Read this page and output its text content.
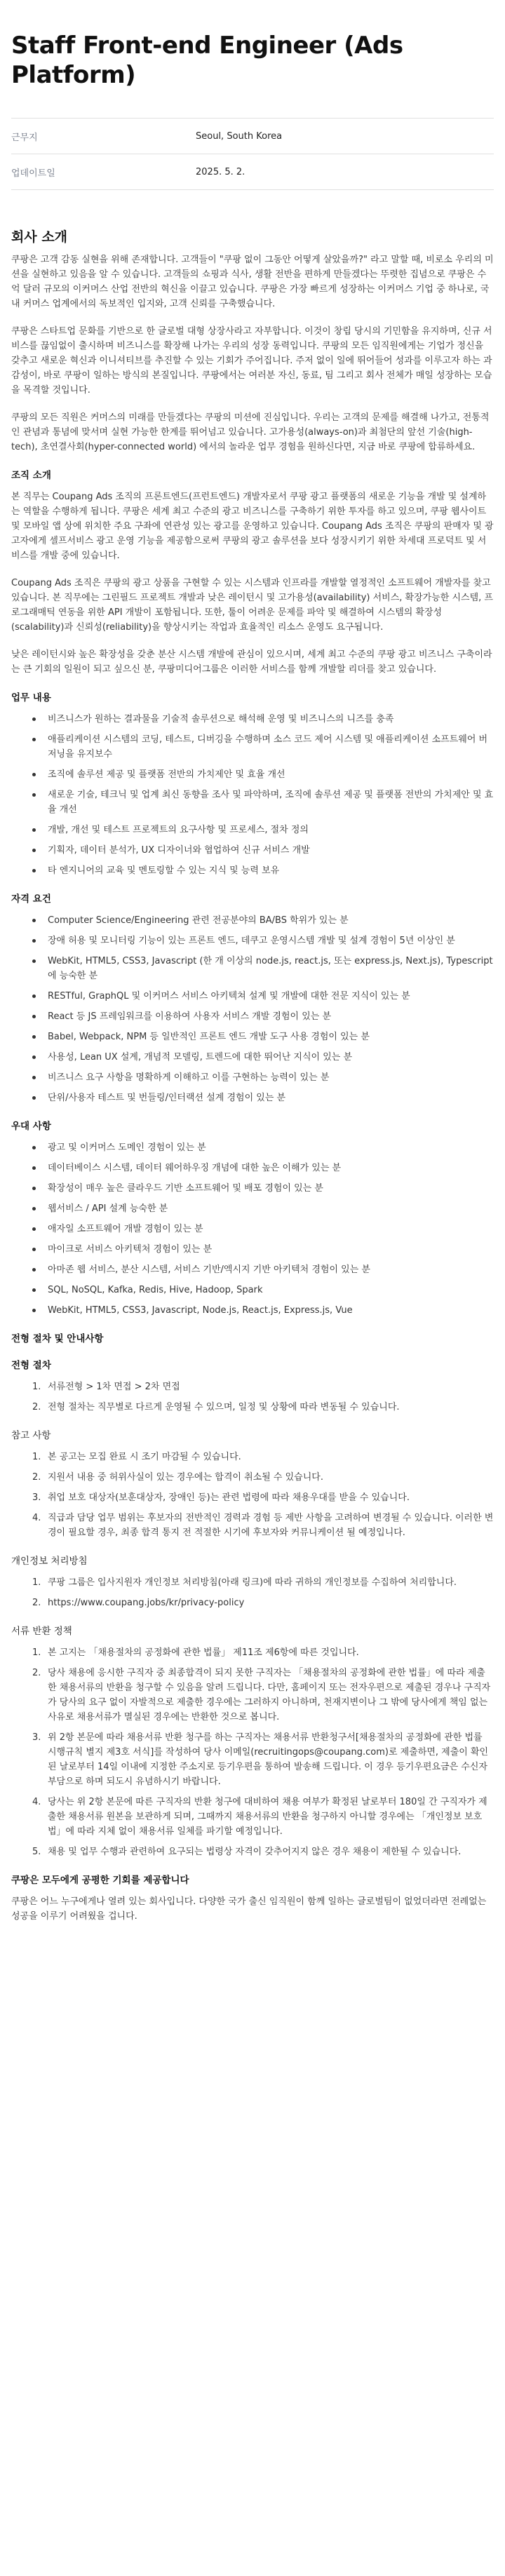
Staff Front-end Engineer (Ads Platform)
근무지	Seoul, South Korea
업데이트일	2025. 5. 2.
회사 소개

쿠팡은 고객 감동 실현을 위해 존재합니다. 고객들이 "쿠팡 없이 그동안 어떻게 살았을까?" 라고 말할 때, 비로소 우리의 미션을 실현하고 있음을 알 수 있습니다. 고객들의 쇼핑과 식사, 생활 전반을 편하게 만들겠다는 뚜렷한 집념으로 쿠팡은 수억 달러 규모의 이커머스 산업 전반의 혁신을 이끌고 있습니다. 쿠팡은 가장 빠르게 성장하는 이커머스 기업 중 하나로, 국내 커머스 업계에서의 독보적인 입지와, 고객 신뢰를 구축했습니다.

쿠팡은 스타트업 문화를 기반으로 한 글로벌 대형 상장사라고 자부합니다. 이것이 창립 당시의 기민함을 유지하며, 신규 서비스를 끊임없이 출시하며 비즈니스를 확장해 나가는 우리의 성장 동력입니다. 쿠팡의 모든 임직원에게는 기업가 정신을 갖추고 새로운 혁신과 이니셔티브를 추진할 수 있는 기회가 주어집니다. 주저 없이 일에 뛰어들어 성과를 이루고자 하는 과감성이, 바로 쿠팡이 일하는 방식의 본질입니다. 쿠팡에서는 여러분 자신, 동료, 팀 그리고 회사 전체가 매일 성장하는 모습을 목격할 것입니다.

쿠팡의 모든 직원은 커머스의 미래를 만들겠다는 쿠팡의 미션에 진심입니다. 우리는 고객의 문제를 해결해 나가고, 전통적인 관념과 통념에 맞서며 실현 가능한 한계를 뛰어넘고 있습니다. 고가용성(always-on)과 최첨단의 앞선 기술(high-tech), 초연결사회(hyper-connected world) 에서의 놀라운 업무 경험을 원하신다면, 지금 바로 쿠팡에 합류하세요.

조직 소개

본 직무는 Coupang Ads 조직의 프론트엔드(프런트엔드) 개발자로서 쿠팡 광고 플랫폼의 새로운 기능을 개발 및 설계하는 역할을 수행하게 됩니다. 쿠팡은 세계 최고 수준의 광고 비즈니스를 구축하기 위한 투자를 하고 있으며, 쿠팡 웹사이트 및 모바일 앱 상에 위치한 주요 구좌에 연관성 있는 광고를 운영하고 있습니다. Coupang Ads 조직은 쿠팡의 판매자 및 광고자에게 셀프서비스 광고 운영 기능을 제공함으로써 쿠팡의 광고 솔루션을 보다 성장시키기 위한 차세대 프로덕트 및 서비스를 개발 중에 있습니다.

Coupang Ads 조직은 쿠팡의 광고 상품을 구현할 수 있는 시스템과 인프라를 개발할 열정적인 소프트웨어 개발자를 찾고 있습니다. 본 직무에는 그린필드 프로젝트 개발과 낮은 레이턴시 및 고가용성(availability) 서비스, 확장가능한 시스템, 프로그래매틱 연동을 위한 API 개발이 포함됩니다. 또한, 툴이 어려운 문제를 파악 및 해결하여 시스템의 확장성(scalability)과 신뢰성(reliability)을 향상시키는 작업과 효율적인 리소스 운영도 요구됩니다.

낮은 레이턴시와 높은 확장성을 갖춘 분산 시스템 개발에 관심이 있으시며, 세계 최고 수준의 쿠팡 광고 비즈니스 구축이라는 큰 기회의 일원이 되고 싶으신 분, 쿠팡미디어그룹은 이러한 서비스를 함께 개발할 리더를 찾고 있습니다.

업무 내용
비즈니스가 원하는 결과물을 기술적 솔루션으로 해석해 운영 및 비즈니스의 니즈를 충족
애플리케이션 시스템의 코딩, 테스트, 디버깅을 수행하며 소스 코드 제어 시스템 및 애플리케이션 소프트웨어 버저닝을 유지보수
조직에 솔루션 제공 및 플랫폼 전반의 가치제안 및 효율 개선
새로운 기술, 테크닉 및 업계 최신 동향을 조사 및 파악하며, 조직에 솔루션 제공 및 플랫폼 전반의 가치제안 및 효율 개선
개발, 개선 및 테스트 프로젝트의 요구사항 및 프로세스, 절차 정의
기획자, 데이터 분석가, UX 디자이너와 협업하여 신규 서비스 개발
타 엔지니어의 교육 및 멘토링할 수 있는 지식 및 능력 보유
자격 요건
Computer Science/Engineering 관련 전공분야의 BA/BS 학위가 있는 분
장애 허용 및 모니터링 기능이 있는 프론트 엔드, 데쿠고 운영시스템 개발 및 설계 경험이 5년 이상인 분
WebKit, HTML5, CSS3, Javascript (한 개 이상의 node.js, react.js, 또는 express.js, Next.js), Typescript 에 능숙한 분
RESTful, GraphQL 및 이커머스 서비스 아키텍쳐 설계 및 개발에 대한 전문 지식이 있는 분
React 등 JS 프레임워크를 이용하여 사용자 서비스 개발 경험이 있는 분
Babel, Webpack, NPM 등 일반적인 프론트 엔드 개발 도구 사용 경험이 있는 분
사용성, Lean UX 설계, 개념적 모델링, 트렌드에 대한 뛰어난 지식이 있는 분
비즈니스 요구 사항을 명확하게 이해하고 이를 구현하는 능력이 있는 분
단위/사용자 테스트 및 번들링/인터랙션 설계 경험이 있는 분
우대 사항
광고 및 이커머스 도메인 경험이 있는 분
데이터베이스 시스템, 데이터 웨어하우징 개념에 대한 높은 이해가 있는 분
확장성이 매우 높은 클라우드 기반 소프트웨어 및 배포 경험이 있는 분
웹서비스 / API 설계 능숙한 분
애자일 소프트웨어 개발 경험이 있는 분
마이크로 서비스 아키텍처 경험이 있는 분
아마존 웹 서비스, 분산 시스템, 서비스 기반/엑시지 기반 아키텍처 경험이 있는 분
SQL, NoSQL, Kafka, Redis, Hive, Hadoop, Spark
WebKit, HTML5, CSS3, Javascript, Node.js, React.js, Express.js, Vue
전형 절차 및 안내사항
전형 절차
1. 서류전형 > 1차 면접 > 2차 면접
2. 전형 절차는 직무별로 다르게 운영될 수 있으며, 일정 및 상황에 따라 변동될 수 있습니다.
참고 사항
1. 본 공고는 모집 완료 시 조기 마감될 수 있습니다.
2. 지원서 내용 중 허위사실이 있는 경우에는 합격이 취소될 수 있습니다.
3. 취업 보호 대상자(보훈대상자, 장애인 등)는 관련 법령에 따라 채용우대를 받을 수 있습니다.
4. 직급과 담당 업무 범위는 후보자의 전반적인 경력과 경험 등 제반 사항을 고려하여 변경될 수 있습니다. 이러한 변경이 필요할 경우, 최종 합격 통지 전 적절한 시기에 후보자와 커뮤니케이션 될 예정입니다.
개인정보 처리방침
1. 쿠팡 그룹은 입사지원자 개인정보 처리방침(아래 링크)에 따라 귀하의 개인정보를 수집하여 처리합니다.
2. https://www.coupang.jobs/kr/privacy-policy
서류 반환 정책
1. 본 고지는 「채용절차의 공정화에 관한 법률」 제11조 제6항에 따른 것입니다.
2. 당사 채용에 응시한 구직자 중 최종합격이 되지 못한 구직자는 「채용절차의 공정화에 관한 법률」에 따라 제출한 채용서류의 반환을 청구할 수 있음을 알려 드립니다. 다만, 홈페이지 또는 전자우편으로 제출된 경우나 구직자가 당사의 요구 없이 자발적으로 제출한 경우에는 그러하지 아니하며, 천재지변이나 그 밖에 당사에게 책임 없는 사유로 채용서류가 멸실된 경우에는 반환한 것으로 봅니다.
3. 위 2항 본문에 따라 채용서류 반환 청구를 하는 구직자는 채용서류 반환청구서[채용절차의 공정화에 관한 법률 시행규칙 별지 제3호 서식]를 작성하여 당사 이메일(recruitingops@coupang.com)로 제출하면, 제출이 확인된 날로부터 14일 이내에 지정한 주소지로 등기우편을 통하여 발송해 드립니다. 이 경우 등기우편요금은 수신자 부담으로 하며 되도시 유념하시기 바랍니다.
4. 당사는 위 2항 본문에 따른 구직자의 반환 청구에 대비하여 채용 여부가 확정된 날로부터 180일 간 구직자가 제출한 채용서류 원본을 보관하게 되며, 그때까지 채용서류의 반환을 청구하지 아니할 경우에는 「개인정보 보호법」에 따라 지체 없이 채용서류 일체를 파기할 예정입니다.
5. 채용 및 업무 수행과 관련하여 요구되는 법령상 자격이 갖추어지지 않은 경우 채용이 제한될 수 있습니다.
쿠팡은 모두에게 공평한 기회를 제공합니다

쿠팡은 어느 누구에게나 열려 있는 회사입니다. 다양한 국가 출신 임직원이 함께 일하는 글로벌팀이 없었더라면 전례없는 성공을 이루기 어려웠을 겁니다.
